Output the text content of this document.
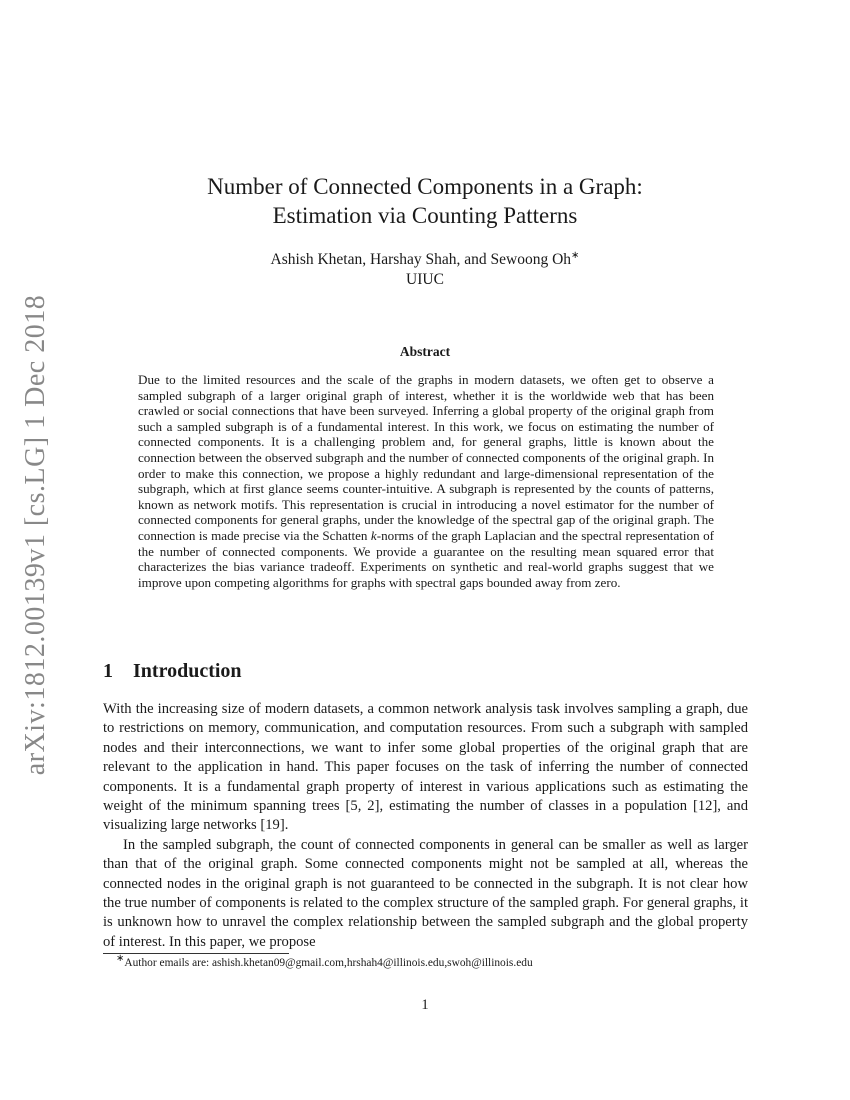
arXiv:1812.00139v1 [cs.LG] 1 Dec 2018
Number of Connected Components in a Graph:
Estimation via Counting Patterns
Ashish Khetan, Harshay Shah, and Sewoong Oh∗
UIUC
Abstract
Due to the limited resources and the scale of the graphs in modern datasets, we often get to observe a sampled subgraph of a larger original graph of interest, whether it is the worldwide web that has been crawled or social connections that have been surveyed. Inferring a global property of the original graph from such a sampled subgraph is of a fundamental interest. In this work, we focus on estimating the number of connected components. It is a challenging problem and, for general graphs, little is known about the connection between the observed subgraph and the number of connected components of the original graph. In order to make this connection, we propose a highly redundant and large-dimensional representation of the subgraph, which at first glance seems counter-intuitive. A subgraph is represented by the counts of patterns, known as network motifs. This representation is crucial in introducing a novel estimator for the number of connected components for general graphs, under the knowledge of the spectral gap of the original graph. The connection is made precise via the Schatten k-norms of the graph Laplacian and the spectral representation of the number of connected components. We provide a guarantee on the resulting mean squared error that characterizes the bias variance tradeoff. Experiments on synthetic and real-world graphs suggest that we improve upon competing algorithms for graphs with spectral gaps bounded away from zero.
1 Introduction

With the increasing size of modern datasets, a common network analysis task involves sampling a graph, due to restrictions on memory, communication, and computation resources. From such a subgraph with sampled nodes and their interconnections, we want to infer some global properties of the original graph that are relevant to the application in hand. This paper focuses on the task of inferring the number of connected components. It is a fundamental graph property of interest in various applications such as estimating the weight of the minimum spanning trees [5, 2], estimating the number of classes in a population [12], and visualizing large networks [19].

In the sampled subgraph, the count of connected components in general can be smaller as well as larger than that of the original graph. Some connected components might not be sampled at all, whereas the connected nodes in the original graph is not guaranteed to be connected in the subgraph. It is not clear how the true number of components is related to the complex structure of the sampled graph. For general graphs, it is unknown how to unravel the complex relationship between the sampled subgraph and the global property of interest. In this paper, we propose

∗Author emails are: ashish.khetan09@gmail.com,hrshah4@illinois.edu,swoh@illinois.edu
1
